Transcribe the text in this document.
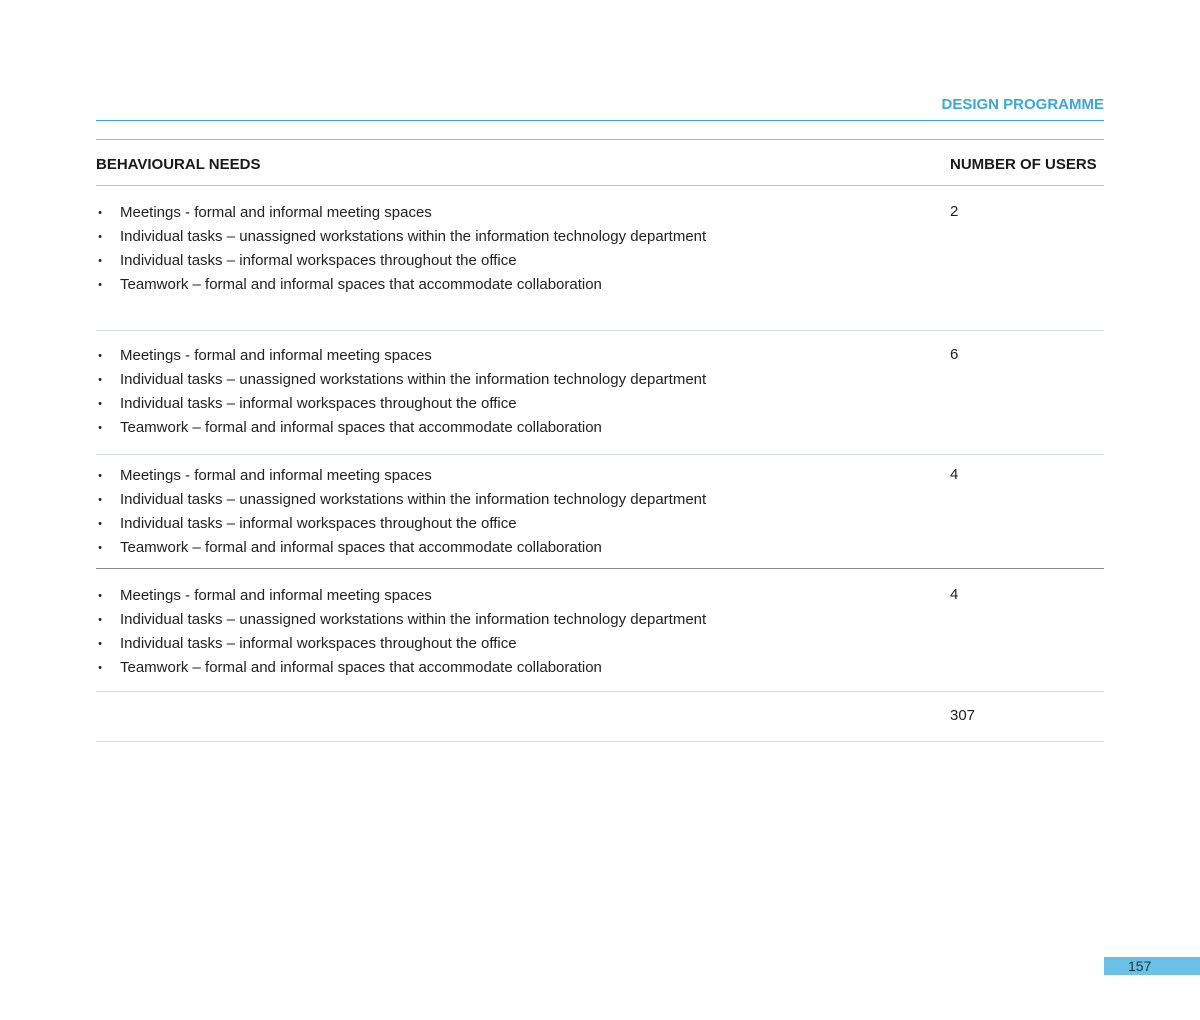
DESIGN PROGRAMME
BEHAVIOURAL NEEDS	NUMBER OF USERS
• Meetings - formal and informal meeting spaces
• Individual tasks – unassigned workstations within the information technology department
• Individual tasks – informal workspaces throughout the office
• Teamwork – formal and informal spaces that accommodate collaboration
2
• Meetings - formal and informal meeting spaces
• Individual tasks – unassigned workstations within the information technology department
• Individual tasks – informal workspaces throughout the office
• Teamwork – formal and informal spaces that accommodate collaboration
6
• Meetings - formal and informal meeting spaces
• Individual tasks – unassigned workstations within the information technology department
• Individual tasks – informal workspaces throughout the office
• Teamwork – formal and informal spaces that accommodate collaboration
4
• Meetings - formal and informal meeting spaces
• Individual tasks – unassigned workstations within the information technology department
• Individual tasks – informal workspaces throughout the office
• Teamwork – formal and informal spaces that accommodate collaboration
4
307
157
